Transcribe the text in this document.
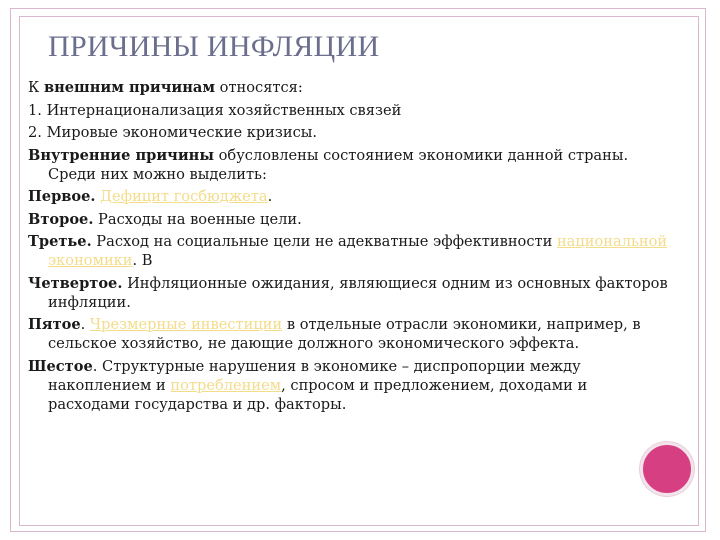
ПРИЧИНЫ ИНФЛЯЦИИ

К внешним причинам относятся:

1. Интернационализация хозяйственных связей

2. Мировые экономические кризисы.

Внутренние причины обусловлены состоянием экономики данной страны. Среди них можно выделить:

Первое. Дефицит госбюджета.

Второе. Расходы на военные цели.

Третье. Расход на социальные цели не адекватные эффективности национальной экономики. В

Четвертое. Инфляционные ожидания, являющиеся одним из основных факторов инфляции.

Пятое. Чрезмерные инвестиции в отдельные отрасли экономики, например, в сельское хозяйство, не дающие должного экономического эффекта.

Шестое. Структурные нарушения в экономике – диспропорции между накоплением и потреблением, спросом и предложением, доходами и расходами государства и др. факторы.
